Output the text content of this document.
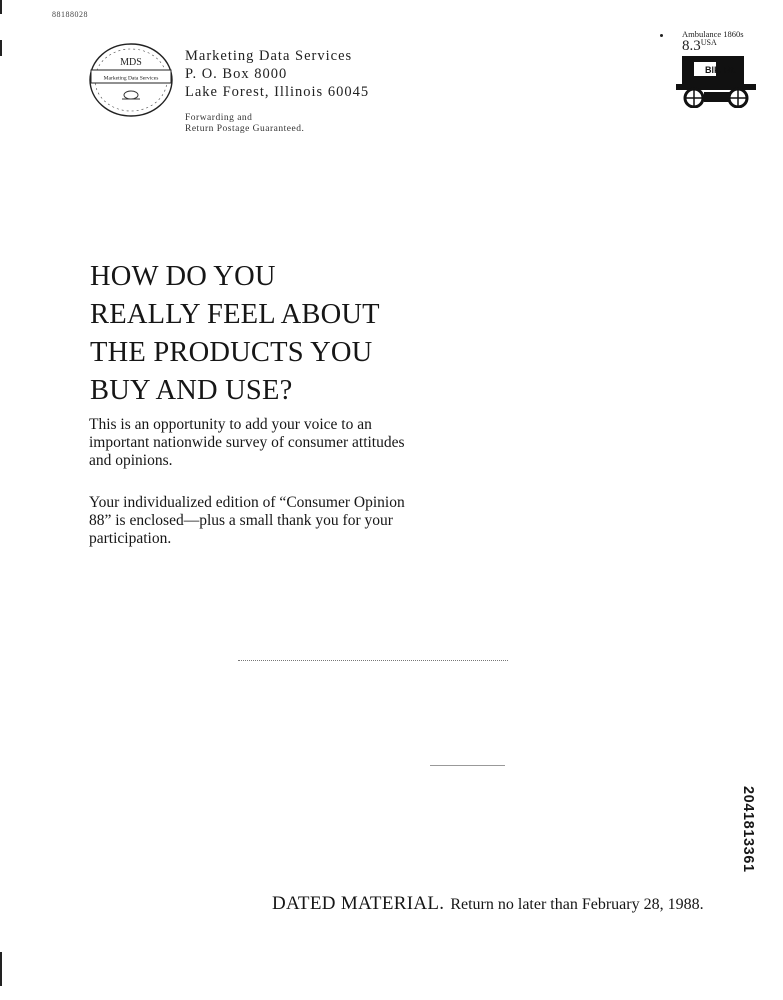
88188028
MDS
Marketing Data Services
Marketing Data Services
P. O. Box 8000
Lake Forest, Illinois 60045
Forwarding and
Return Postage Guaranteed.
Ambulance 1860s
$8.3^{USA}$
Blk. Rt.
HOW DO YOU
REALLY FEEL ABOUT
THE PRODUCTS YOU
BUY AND USE?
This is an opportunity to add your voice to an important nationwide survey of consumer attitudes and opinions.
Your individualized edition of “Consumer Opinion 88” is enclosed—plus a small thank you for your participation.
2041813361
DATED MATERIAL. Return no later than February 28, 1988.
